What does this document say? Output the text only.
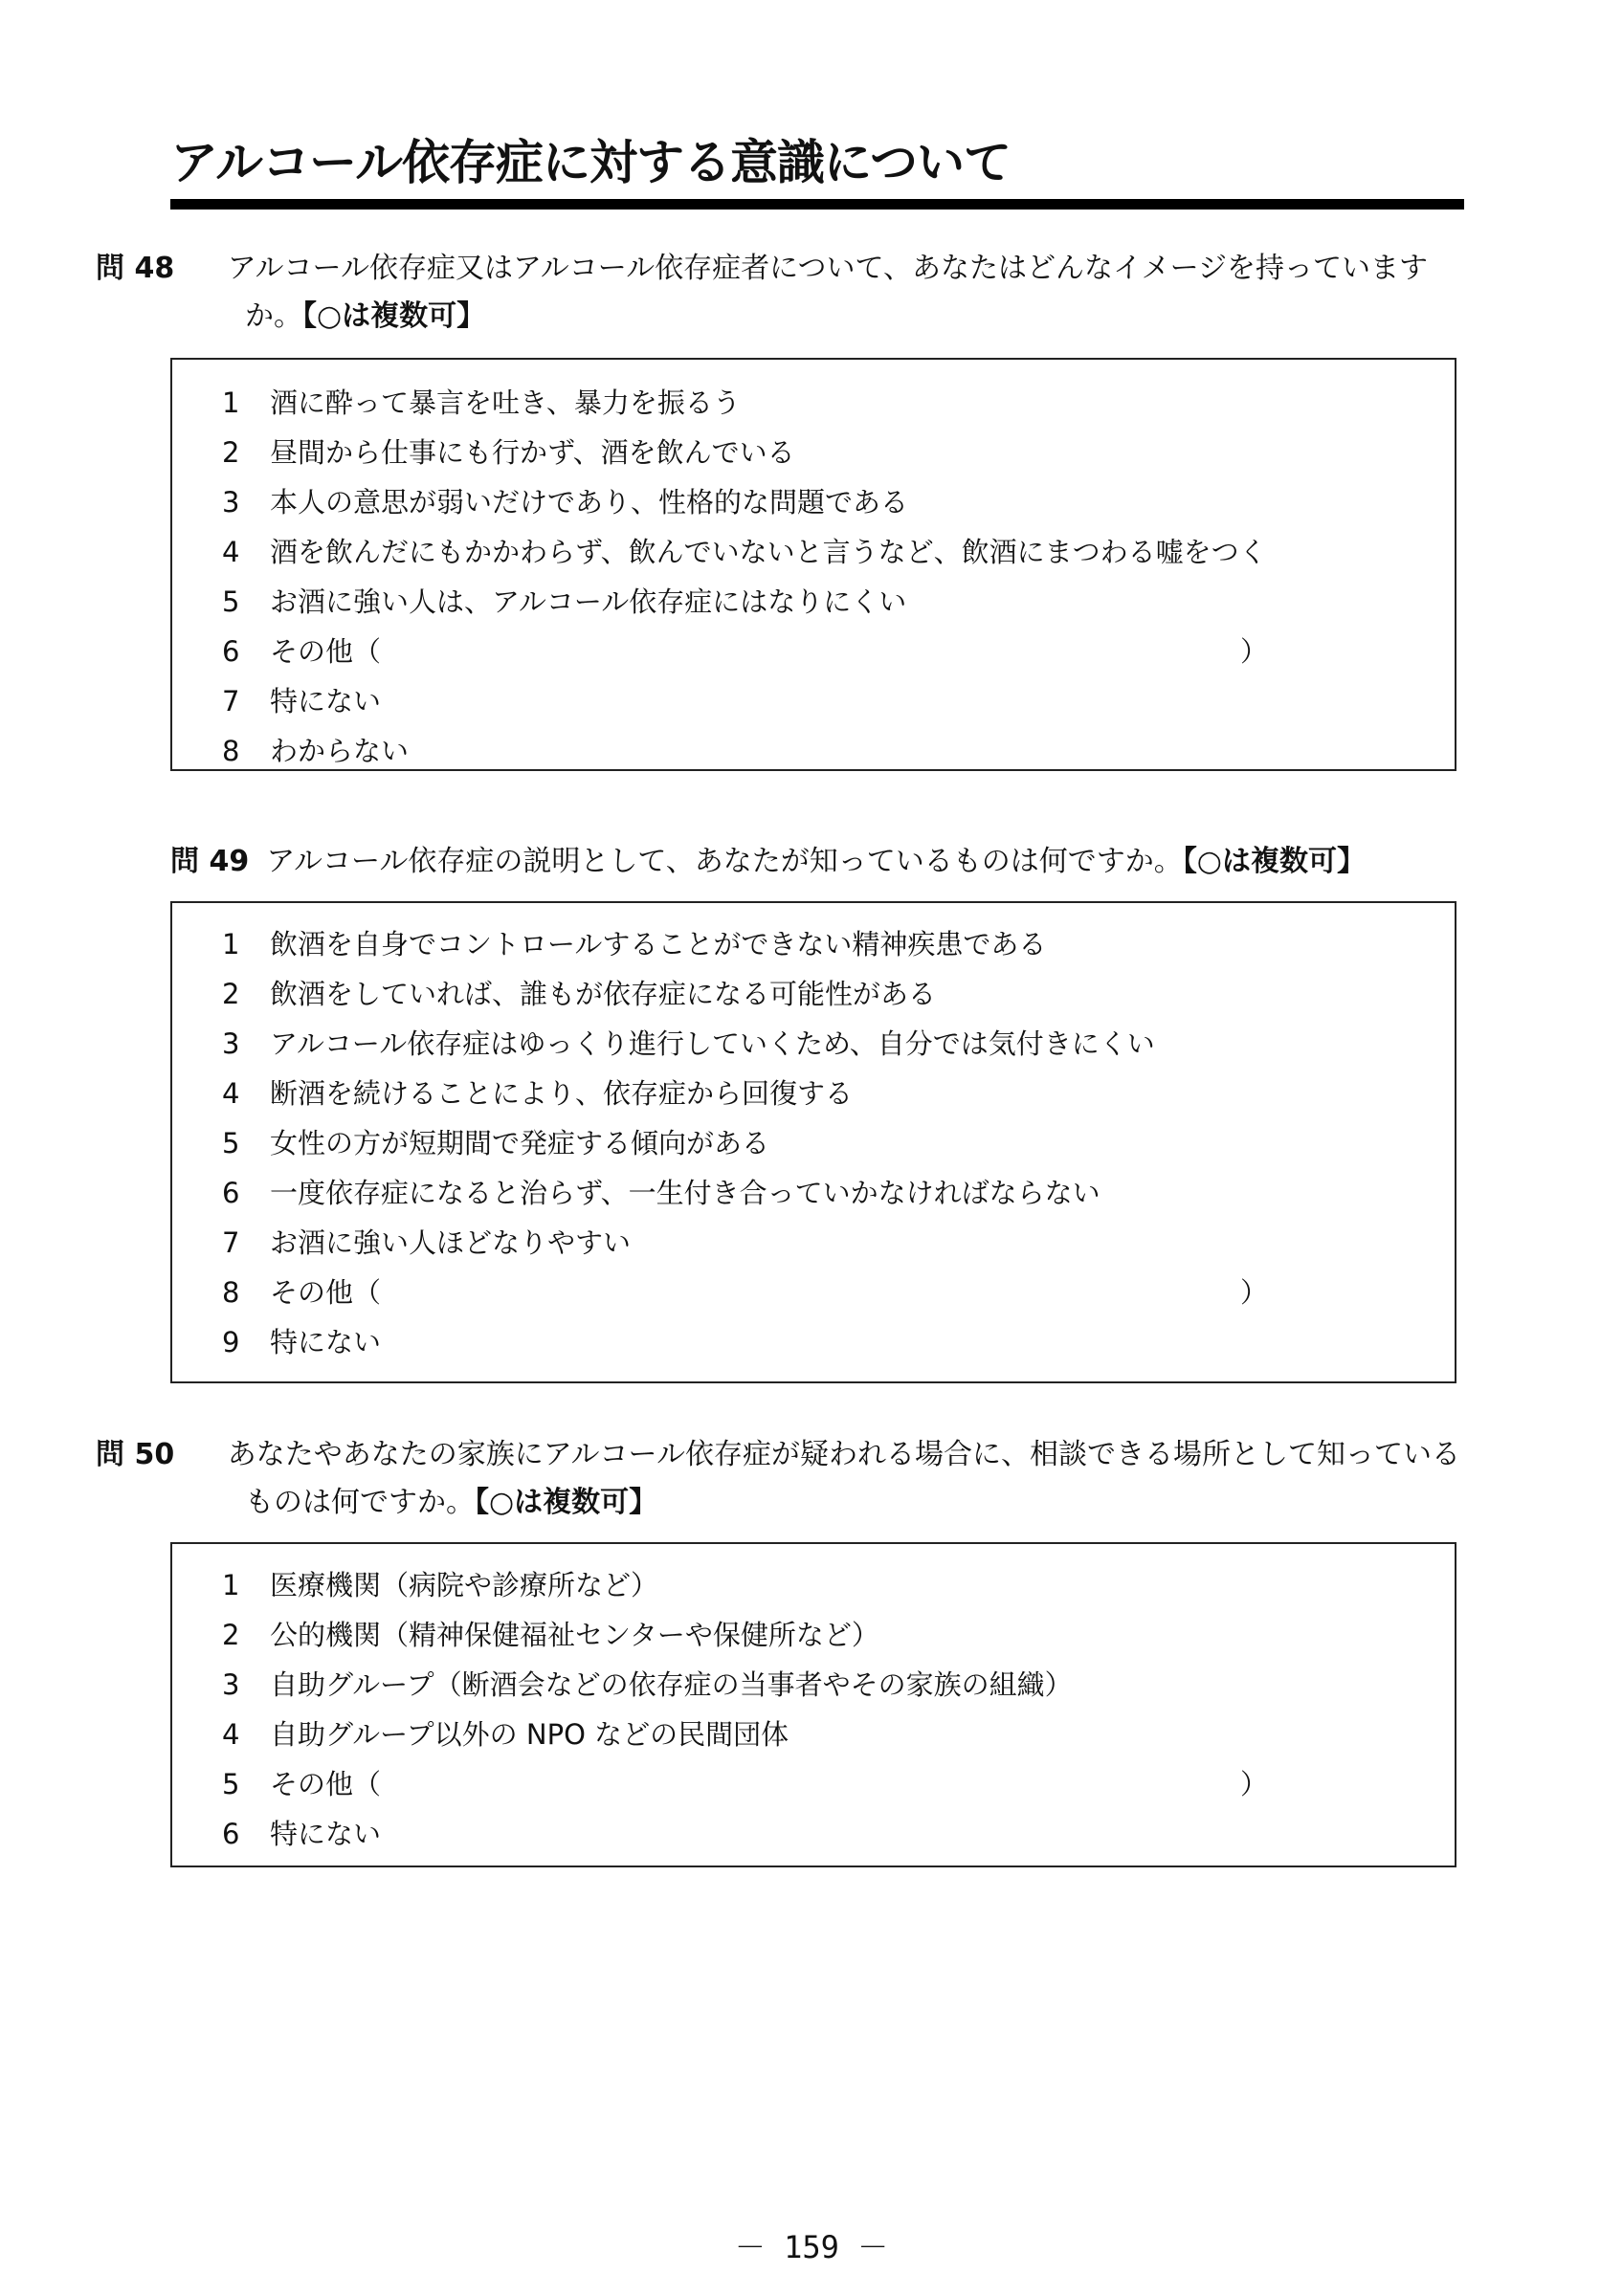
アルコール依存症に対する意識について
問 48 アルコール依存症又はアルコール依存症者について、あなたはどんなイメージを持っていますか。【○は複数可】
1 酒に酔って暴言を吐き、暴力を振るう
2 昼間から仕事にも行かず、酒を飲んでいる
3 本人の意思が弱いだけであり、性格的な問題である
4 酒を飲んだにもかかわらず、飲んでいないと言うなど、飲酒にまつわる嘘をつく
5 お酒に強い人は、アルコール依存症にはなりにくい
6 その他（	）
7 特にない
8 わからない
問 49 アルコール依存症の説明として、あなたが知っているものは何ですか。【○は複数可】
1 飲酒を自身でコントロールすることができない精神疾患である
2 飲酒をしていれば、誰もが依存症になる可能性がある
3 アルコール依存症はゆっくり進行していくため、自分では気付きにくい
4 断酒を続けることにより、依存症から回復する
5 女性の方が短期間で発症する傾向がある
6 一度依存症になると治らず、一生付き合っていかなければならない
7 お酒に強い人ほどなりやすい
8 その他（	）
9 特にない
問 50 あなたやあなたの家族にアルコール依存症が疑われる場合に、相談できる場所として知っているものは何ですか。【○は複数可】
1 医療機関（病院や診療所など）
2 公的機関（精神保健福祉センターや保健所など）
3 自助グループ（断酒会などの依存症の当事者やその家族の組織）
4 自助グループ以外の NPO などの民間団体
5 その他（	）
6 特にない
－ 159 －
